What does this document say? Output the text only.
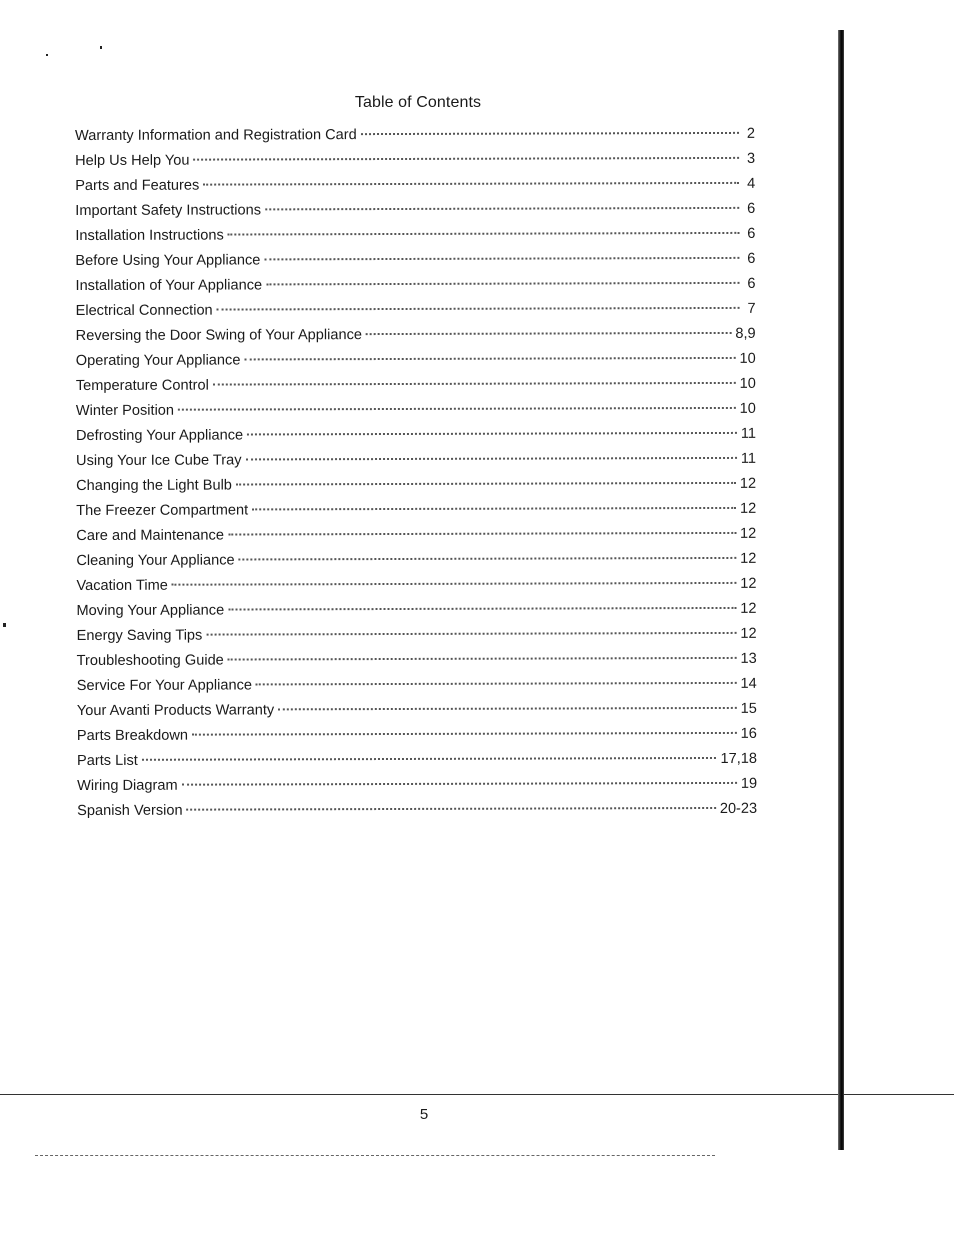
Table of Contents
Warranty Information and Registration Card	2
Help Us Help You	3
Parts and Features	4
Important Safety Instructions	6
Installation Instructions	6
Before Using Your Appliance	6
Installation of Your Appliance	6
Electrical Connection	7
Reversing the Door Swing of Your Appliance	8,9
Operating Your Appliance	10
Temperature Control	10
Winter Position	10
Defrosting Your Appliance	11
Using Your Ice Cube Tray	11
Changing the Light Bulb	12
The Freezer Compartment	12
Care and Maintenance	12
Cleaning Your Appliance	12
Vacation Time	12
Moving Your Appliance	12
Energy Saving Tips	12
Troubleshooting Guide	13
Service For Your Appliance	14
Your Avanti Products Warranty	15
Parts Breakdown	16
Parts List	17,18
Wiring Diagram	19
Spanish Version	20-23
5
